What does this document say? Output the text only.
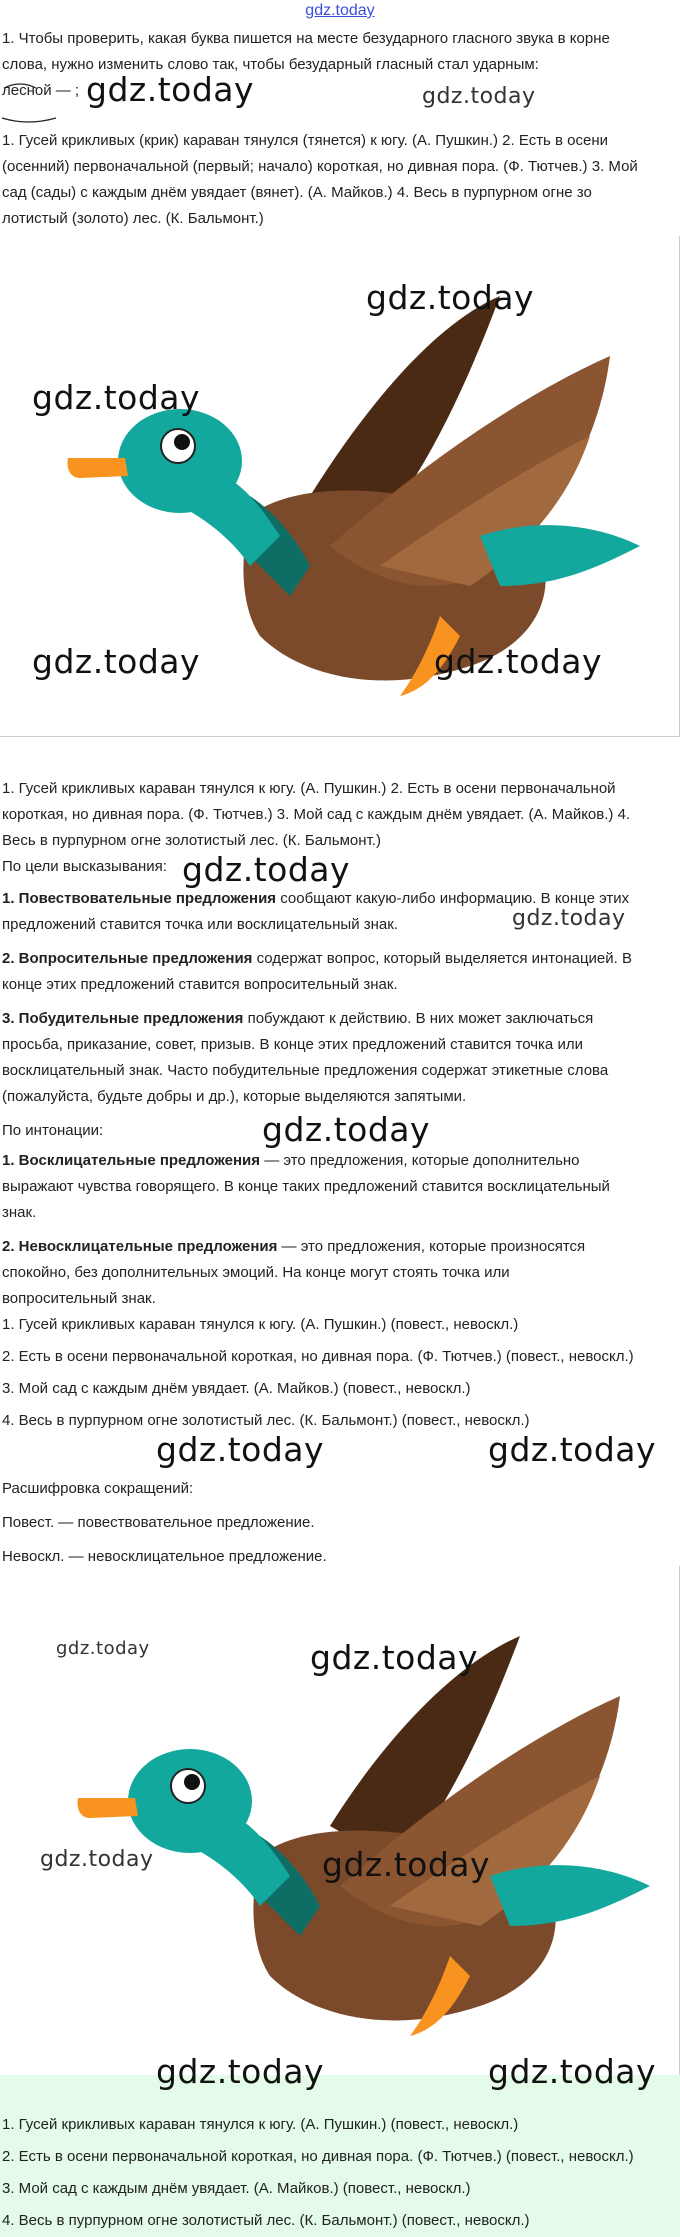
gdz.today

1. Чтобы проверить, какая буква пишется на месте безударного гласного звука в корне

слова, нужно изменить слово так, чтобы безударный гласный стал ударным:

лесной — ; gdz.today	gdz.today

1. Гусей крикливых (крик) караван тянулся (тянется) к югу. (А. Пушкин.) 2. Есть в осени

(осенний) первоначальной (первый; начало) короткая, но дивная пора. (Ф. Тютчев.) 3. Мой

сад (сады) с каждым днём увядает (вянет). (А. Майков.) 4. Весь в пурпурном огне зо

лотистый (золото) лес. (К. Бальмонт.)

gdz.today
gdz.today
gdz.today	gdz.today

1. Гусей крикливых караван тянулся к югу. (А. Пушкин.) 2. Есть в осени первоначальной

короткая, но дивная пора. (Ф. Тютчев.) 3. Мой сад с каждым днём увядает. (А. Майков.) 4.

Весь в пурпурном огне золотистый лес. (К. Бальмонт.)

По цели высказывания: gdz.today
gdz.today

1. Повествовательные предложения сообщают какую-либо информацию. В конце этих

предложений ставится точка или восклицательный знак.

2. Вопросительные предложения содержат вопрос, который выделяется интонацией. В

конце этих предложений ставится вопросительный знак.

3. Побудительные предложения побуждают к действию. В них может заключаться

просьба, приказание, совет, призыв. В конце этих предложений ставится точка или

восклицательный знак. Часто побудительные предложения содержат этикетные слова

(пожалуйста, будьте добры и др.), которые выделяются запятыми.

По интонации:

1. Восклицательные предложения — это предложения, которые дополнительно

выражают чувства говорящего. В конце таких предложений ставится восклицательный

знак.

2. Невосклицательные предложения — это предложения, которые произносятся

спокойно, без дополнительных эмоций. На конце могут стоять точка или

вопросительный знак.

1. Гусей крикливых караван тянулся к югу. (А. Пушкин.) (повест., невоскл.)

2. Есть в осени первоначальной короткая, но дивная пора. (Ф. Тютчев.) (повест., невоскл.)

3. Мой сад с каждым днём увядает. (А. Майков.) (повест., невоскл.)

4. Весь в пурпурном огне золотистый лес. (К. Бальмонт.) (повест., невоскл.)

gdz.today
gdz.today	gdz.today

Расшифровка сокращений:

Повест. — повествовательное предложение.

Невоскл. — невосклицательное предложение.

gdz.today	gdz.today
gdz.today	gdz.today
gdz.today	gdz.today

1. Гусей крикливых караван тянулся к югу. (А. Пушкин.) (повест., невоскл.)

2. Есть в осени первоначальной короткая, но дивная пора. (Ф. Тютчев.) (повест., невоскл.)

3. Мой сад с каждым днём увядает. (А. Майков.) (повест., невоскл.)

4. Весь в пурпурном огне золотистый лес. (К. Бальмонт.) (повест., невоскл.)
